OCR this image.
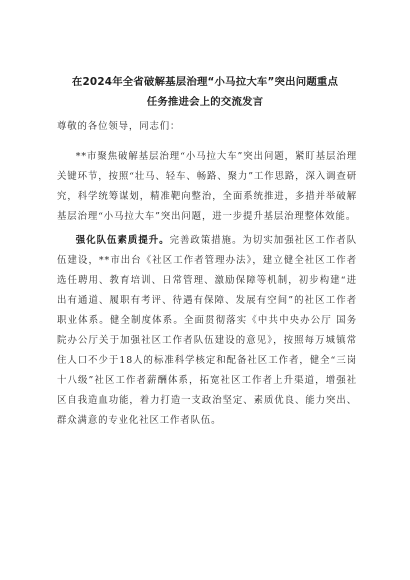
在2024年全省破解基层治理“小马拉大车”突出问题重点
任务推进会上的交流发言

尊敬的各位领导，同志们：

**市聚焦破解基层治理“小马拉大车”突出问题，紧盯基层治理关键环节，按照“壮马、轻车、畅路、聚力”工作思路，深入调查研究，科学统筹谋划，精准靶向整治，全面系统推进，多措并举破解基层治理“小马拉大车”突出问题，进一步提升基层治理整体效能。

强化队伍素质提升。完善政策措施。为切实加强社区工作者队伍建设，**市出台《社区工作者管理办法》，建立健全社区工作者选任聘用、教育培训、日常管理、激励保障等机制，初步构建“进出有通道、履职有考评、待遇有保障、发展有空间”的社区工作者职业体系。健全制度体系。全面贯彻落实《中共中央办公厅 国务院办公厅关于加强社区工作者队伍建设的意见》，按照每万城镇常住人口不少于18人的标准科学核定和配备社区工作者，健全“三岗十八级”社区工作者薪酬体系，拓宽社区工作者上升渠道，增强社区自我造血功能，着力打造一支政治坚定、素质优良、能力突出、群众满意的专业化社区工作者队伍。
